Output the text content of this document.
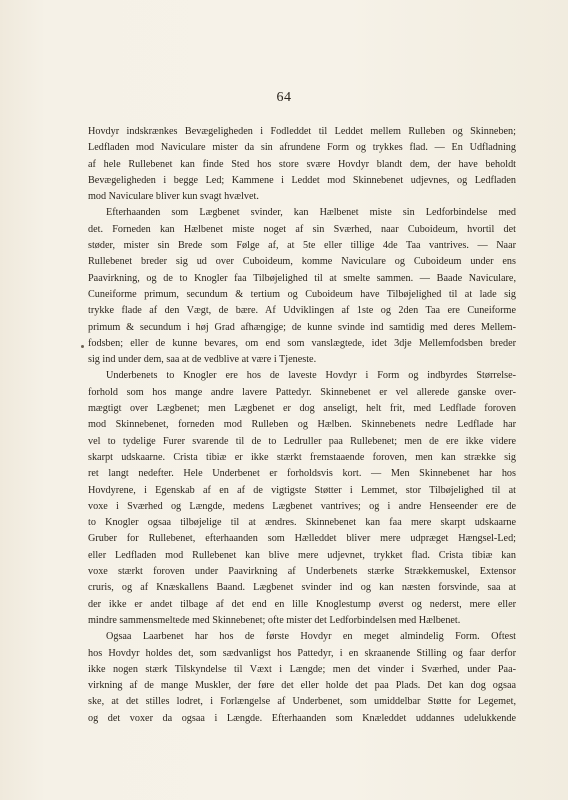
64
Hovdyr indskrænkes Bevægeligheden i Fodleddet til Leddet mellem Rulleben og Skinneben;
Ledfladen mod Naviculare mister da sin afrundene Form og trykkes flad. — En Udfladning
af hele Rullebenet kan finde Sted hos store svære Hovdyr blandt dem, der have beholdt
Bevægeligheden i begge Led; Kammene i Leddet mod Skinnebenet udjevnes, og Ledfladen
mod Naviculare bliver kun svagt hvælvet.
Efterhaanden som Lægbenet svinder, kan Hælbenet miste sin Ledforbindelse med
det. Forneden kan Hælbenet miste noget af sin Sværhed, naar Cuboideum, hvortil det
støder, mister sin Brede som Følge af, at 5te eller tillige 4de Taa vantrives. — Naar
Rullebenet breder sig ud over Cuboideum, komme Naviculare og Cuboideum under ens
Paavirkning, og de to Knogler faa Tilbøjelighed til at smelte sammen. — Baade Naviculare,
Cuneiforme primum, secundum & tertium og Cuboideum have Tilbøjelighed til at lade sig
trykke flade af den Vægt, de bære. Af Udviklingen af 1ste og 2den Taa ere Cuneiforme
primum & secundum i høj Grad afhængige; de kunne svinde ind samtidig med deres Mellem-
fodsben; eller de kunne bevares, om end som vanslægtede, idet 3dje Mellemfodsben breder
sig ind under dem, saa at de vedblive at være i Tjeneste.
Underbenets to Knogler ere hos de laveste Hovdyr i Form og indbyrdes Størrelse-
forhold som hos mange andre lavere Pattedyr. Skinnebenet er vel allerede ganske over-
mægtigt over Lægbenet; men Lægbenet er dog anseligt, helt frit, med Ledflade foroven
mod Skinnebenet, forneden mod Rulleben og Hælben. Skinnebenets nedre Ledflade har
vel to tydelige Furer svarende til de to Ledruller paa Rullebenet; men de ere ikke videre
skarpt udskaarne. Crista tibiæ er ikke stærkt fremstaaende foroven, men kan strække sig
ret langt nedefter. Hele Underbenet er forholdsvis kort. — Men Skinnebenet har hos
Hovdyrene, i Egenskab af en af de vigtigste Støtter i Lemmet, stor Tilbøjelighed til at
voxe i Sværhed og Længde, medens Lægbenet vantrives; og i andre Henseender ere de
to Knogler ogsaa tilbøjelige til at ændres. Skinnebenet kan faa mere skarpt udskaarne
Gruber for Rullebenet, efterhaanden som Hælleddet bliver mere udpræget Hængsel-Led;
eller Ledfladen mod Rullebenet kan blive mere udjevnet, trykket flad. Crista tibiæ kan
voxe stærkt foroven under Paavirkning af Underbenets stærke Strækkemuskel, Extensor
cruris, og af Knæskallens Baand. Lægbenet svinder ind og kan næsten forsvinde, saa at
der ikke er andet tilbage af det end en lille Knoglestump øverst og nederst, mere eller
mindre sammensmeltede med Skinnebenet; ofte mister det Ledforbindelsen med Hælbenet.
Ogsaa Laarbenet har hos de første Hovdyr en meget almindelig Form. Oftest
hos Hovdyr holdes det, som sædvanligst hos Pattedyr, i en skraanende Stilling og faar derfor
ikke nogen stærk Tilskyndelse til Væxt i Længde; men det vinder i Sværhed, under Paa-
virkning af de mange Muskler, der føre det eller holde det paa Plads. Det kan dog ogsaa
ske, at det stilles lodret, i Forlængelse af Underbenet, som umiddelbar Støtte for Legemet,
og det voxer da ogsaa i Længde. Efterhaanden som Knæleddet uddannes udelukkende
